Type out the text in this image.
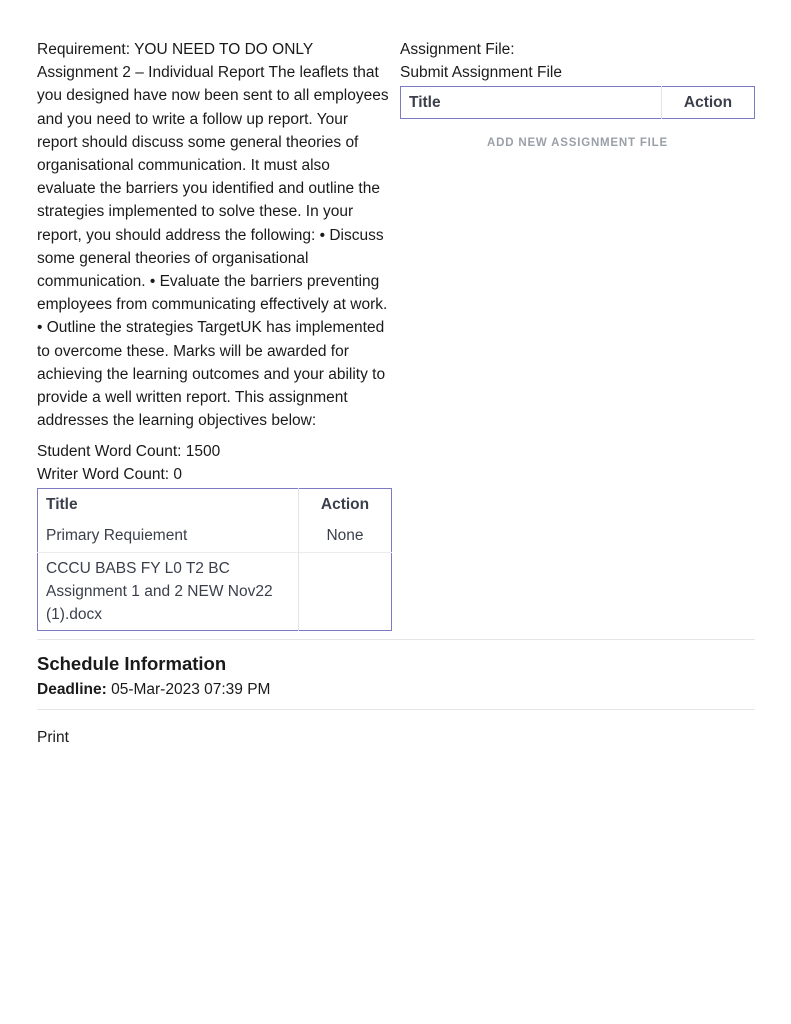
Requirement: YOU NEED TO DO ONLY Assignment 2 – Individual Report The leaflets that you designed have now been sent to all employees and you need to write a follow up report. Your report should discuss some general theories of organisational communication. It must also evaluate the barriers you identified and outline the strategies implemented to solve these. In your report, you should address the following: • Discuss some general theories of organisational communication. • Evaluate the barriers preventing employees from communicating effectively at work. • Outline the strategies TargetUK has implemented to overcome these. Marks will be awarded for achieving the learning outcomes and your ability to provide a well written report. This assignment addresses the learning objectives below:

Student Word Count: 1500
Writer Word Count: 0
Title	Action
Primary Requiement	None
CCCU BABS FY L0 T2 BC Assignment 1 and 2 NEW Nov22 (1).docx	
Assignment File:
Submit Assignment File
Title	Action
ADD NEW ASSIGNMENT FILE
Schedule Information
Deadline: 05-Mar-2023 07:39 PM
Print
